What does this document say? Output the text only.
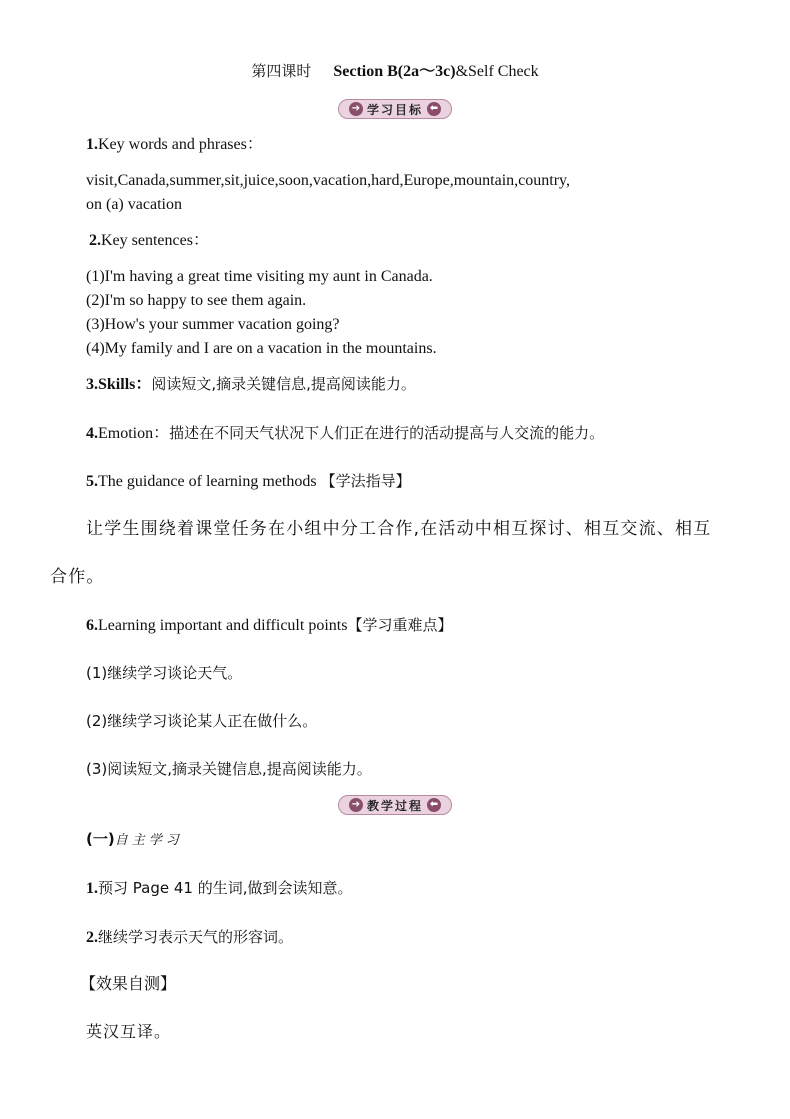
第四课时 Section B(2a～3c)&Self Check
➔ 学习目标 ⬅
1.Key words and phrases：
visit,Canada,summer,sit,juice,soon,vacation,hard,Europe,mountain,country,
on (a) vacation
2.Key sentences：
(1)I'm having a great time visiting my aunt in Canada.
(2)I'm so happy to see them again.
(3)How's your summer vacation going?
(4)My family and I are on a vacation in the mountains.
3.Skills：阅读短文,摘录关键信息,提高阅读能力。
4.Emotion：描述在不同天气状况下人们正在进行的活动提高与人交流的能力。
5.The guidance of learning methods 【学法指导】
让学生围绕着课堂任务在小组中分工合作,在活动中相互探讨、相互交流、相互
合作。
6.Learning important and difficult points【学习重难点】
(1)继续学习谈论天气。
(2)继续学习谈论某人正在做什么。
(3)阅读短文,摘录关键信息,提高阅读能力。
➔ 教学过程 ⬅
(一)自主学习
1.预习 Page 41 的生词,做到会读知意。
2.继续学习表示天气的形容词。
【效果自测】
英汉互译。
